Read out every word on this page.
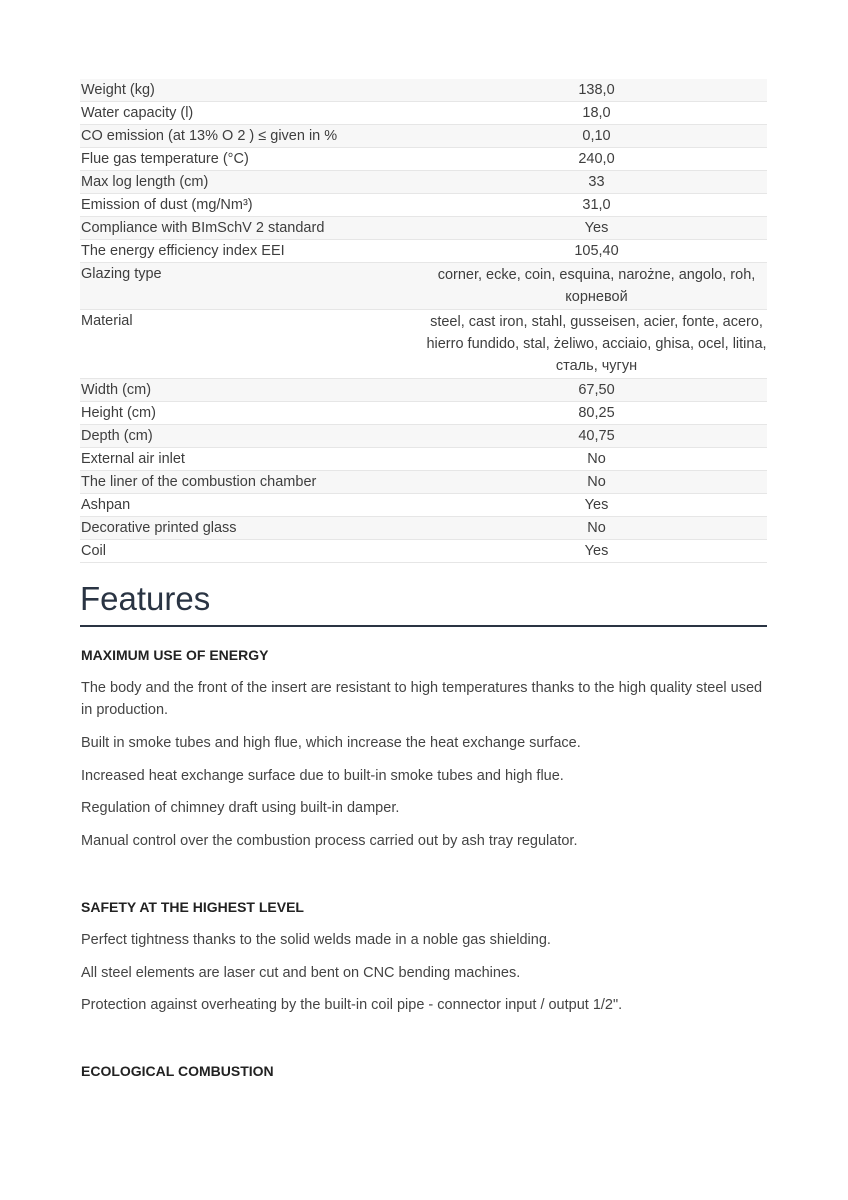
Weight (kg)	138,0
Water capacity (l)	18,0
CO emission (at 13% O 2 ) ≤ given in %	0,10
Flue gas temperature (°C)	240,0
Max log length (cm)	33
Emission of dust (mg/Nm³)	31,0
Compliance with BImSchV 2 standard	Yes
The energy efficiency index EEI	105,40
Glazing type	corner, ecke, coin, esquina, narożne, angolo, roh, корневой
Material	steel, cast iron, stahl, gusseisen, acier, fonte, acero, hierro fundido, stal, żeliwo, acciaio, ghisa, ocel, litina, сталь, чугун
Width (cm)	67,50
Height (cm)	80,25
Depth (cm)	40,75
External air inlet	No
The liner of the combustion chamber	No
Ashpan	Yes
Decorative printed glass	No
Coil	Yes
Features
MAXIMUM USE OF ENERGY

The body and the front of the insert are resistant to high temperatures thanks to the high quality steel used in production.

Built in smoke tubes and high flue, which increase the heat exchange surface.

Increased heat exchange surface due to built-in smoke tubes and high flue.

Regulation of chimney draft using built-in damper.

Manual control over the combustion process carried out by ash tray regulator.

SAFETY AT THE HIGHEST LEVEL

Perfect tightness thanks to the solid welds made in a noble gas shielding.

All steel elements are laser cut and bent on CNC bending machines.

Protection against overheating by the built-in coil pipe - connector input / output 1/2".

ECOLOGICAL COMBUSTION
